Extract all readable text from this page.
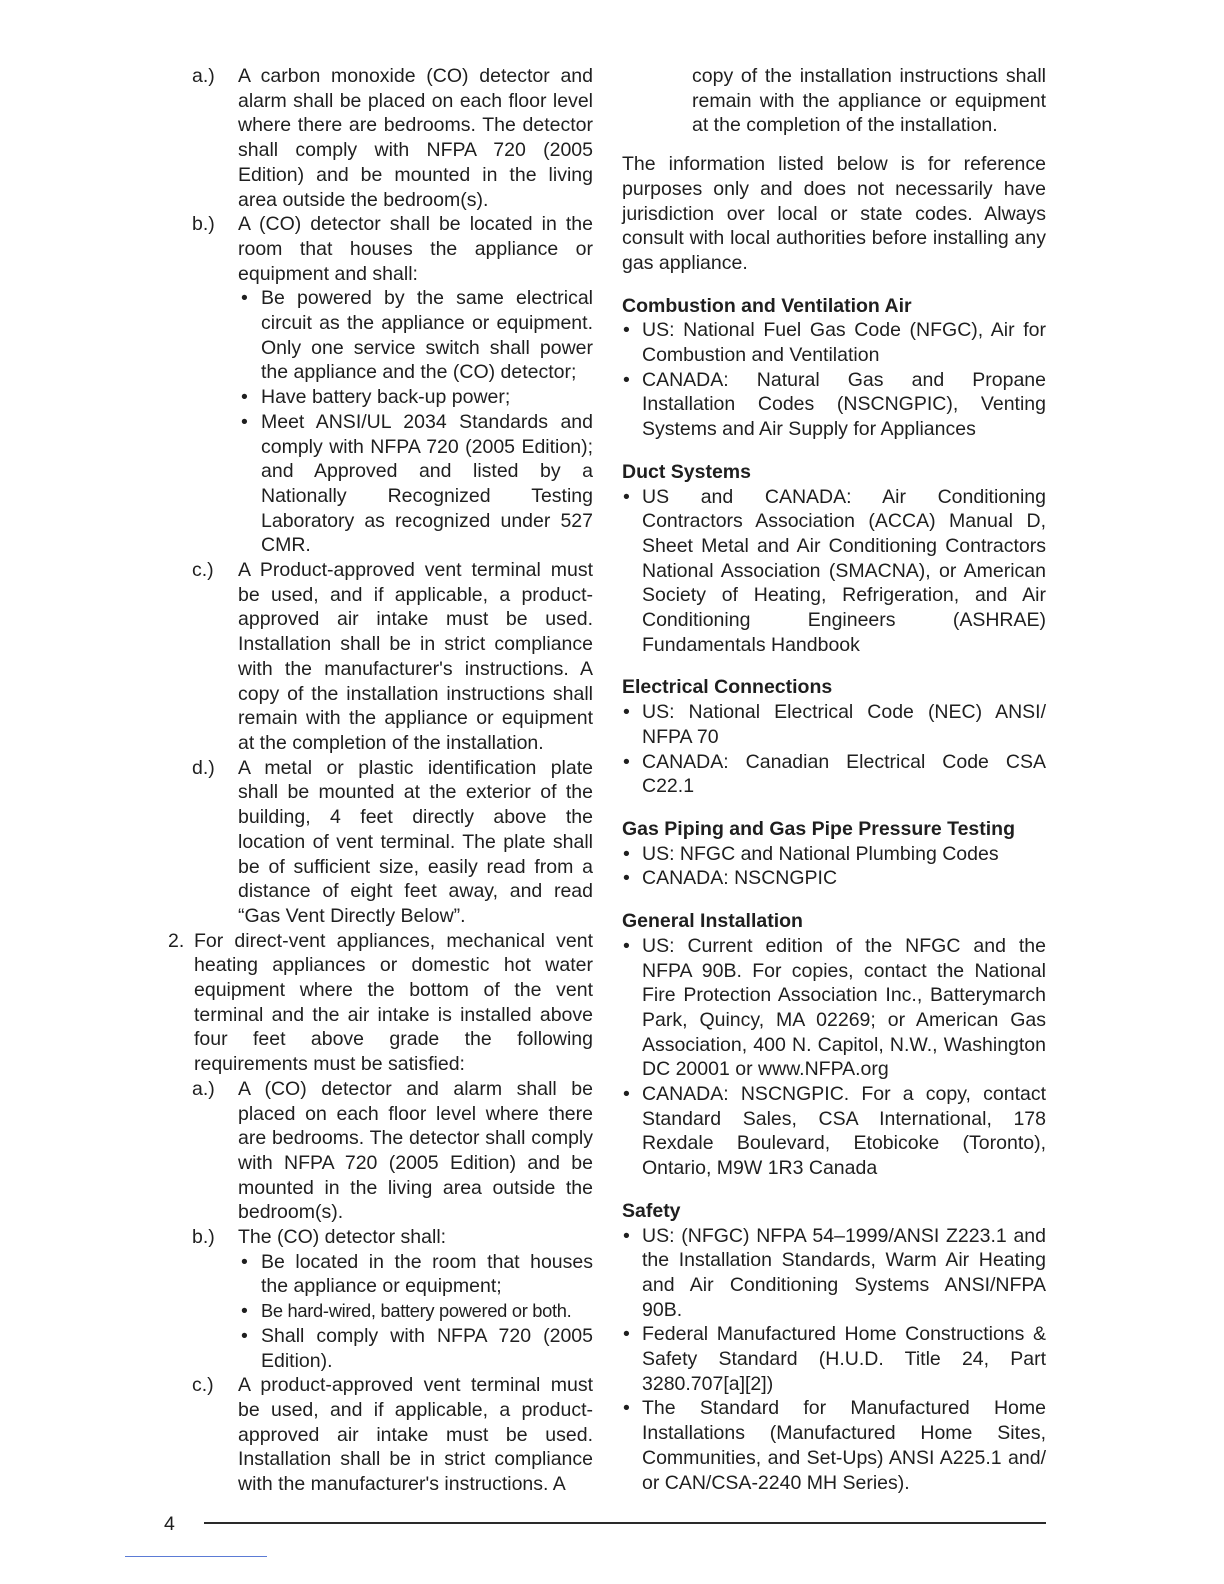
a.) A carbon monoxide (CO) detector and alarm shall be placed on each floor level where there are bedrooms. The detector shall comply with NFPA 720 (2005 Edition) and be mounted in the living area outside the bedroom(s).

b.) A (CO) detector shall be located in the room that houses the appliance or equipment and shall:

• Be powered by the same electrical circuit as the appliance or equipment. Only one service switch shall power the appliance and the (CO) detector;

• Have battery back-up power;

• Meet ANSI/UL 2034 Standards and comply with NFPA 720 (2005 Edition); and Approved and listed by a Nationally Recognized Testing Laboratory as recognized under 527 CMR.

c.) A Product-approved vent terminal must be used, and if applicable, a product-approved air intake must be used. Installation shall be in strict compliance with the manufacturer's instructions. A copy of the installation instructions shall remain with the appliance or equipment at the completion of the installation.

d.) A metal or plastic identification plate shall be mounted at the exterior of the building, 4 feet directly above the location of vent terminal. The plate shall be of sufficient size, easily read from a distance of eight feet away, and read “Gas Vent Directly Below”.

2. For direct-vent appliances, mechanical vent heating appliances or domestic hot water equipment where the bottom of the vent terminal and the air intake is installed above four feet above grade the following requirements must be satisfied:

a.) A (CO) detector and alarm shall be placed on each floor level where there are bedrooms. The detector shall comply with NFPA 720 (2005 Edition) and be mounted in the living area outside the bedroom(s).

b.) The (CO) detector shall:

• Be located in the room that houses the appliance or equipment;

• Be hard-wired, battery powered or both.

• Shall comply with NFPA 720 (2005 Edition).

c.) A product-approved vent terminal must be used, and if applicable, a product-approved air intake must be used. Installation shall be in strict compliance with the manufacturer's instructions. A

copy of the installation instructions shall remain with the appliance or equipment at the completion of the installation.

The information listed below is for reference purposes only and does not necessarily have jurisdiction over local or state codes. Always consult with local authorities before installing any gas appliance.

Combustion and Ventilation Air
• US: National Fuel Gas Code (NFGC), Air for Combustion and Ventilation

• CANADA: Natural Gas and Propane Installation Codes (NSCNGPIC), Venting Systems and Air Supply for Appliances

Duct Systems
• US and CANADA: Air Conditioning Contractors Association (ACCA) Manual D, Sheet Metal and Air Conditioning Contractors National Association (SMACNA), or American Society of Heating, Refrigeration, and Air Conditioning Engineers (ASHRAE) Fundamentals Handbook

Electrical Connections
• US: National Electrical Code (NEC) ANSI/ NFPA 70

• CANADA: Canadian Electrical Code CSA C22.1

Gas Piping and Gas Pipe Pressure Testing
• US: NFGC and National Plumbing Codes

• CANADA: NSCNGPIC

General Installation
• US: Current edition of the NFGC and the NFPA 90B. For copies, contact the National Fire Protection Association Inc., Batterymarch Park, Quincy, MA 02269; or American Gas Association, 400 N. Capitol, N.W., Washington DC 20001 or www.NFPA.org

• CANADA: NSCNGPIC. For a copy, contact Standard Sales, CSA International, 178 Rexdale Boulevard, Etobicoke (Toronto), Ontario, M9W 1R3 Canada

Safety
• US: (NFGC) NFPA 54–1999/ANSI Z223.1 and the Installation Standards, Warm Air Heating and Air Conditioning Systems ANSI/NFPA 90B.

• Federal Manufactured Home Constructions & Safety Standard (H.U.D. Title 24, Part 3280.707[a][2])

• The Standard for Manufactured Home Installations (Manufactured Home Sites, Communities, and Set-Ups) ANSI A225.1 and/ or CAN/CSA-2240 MH Series).

4
